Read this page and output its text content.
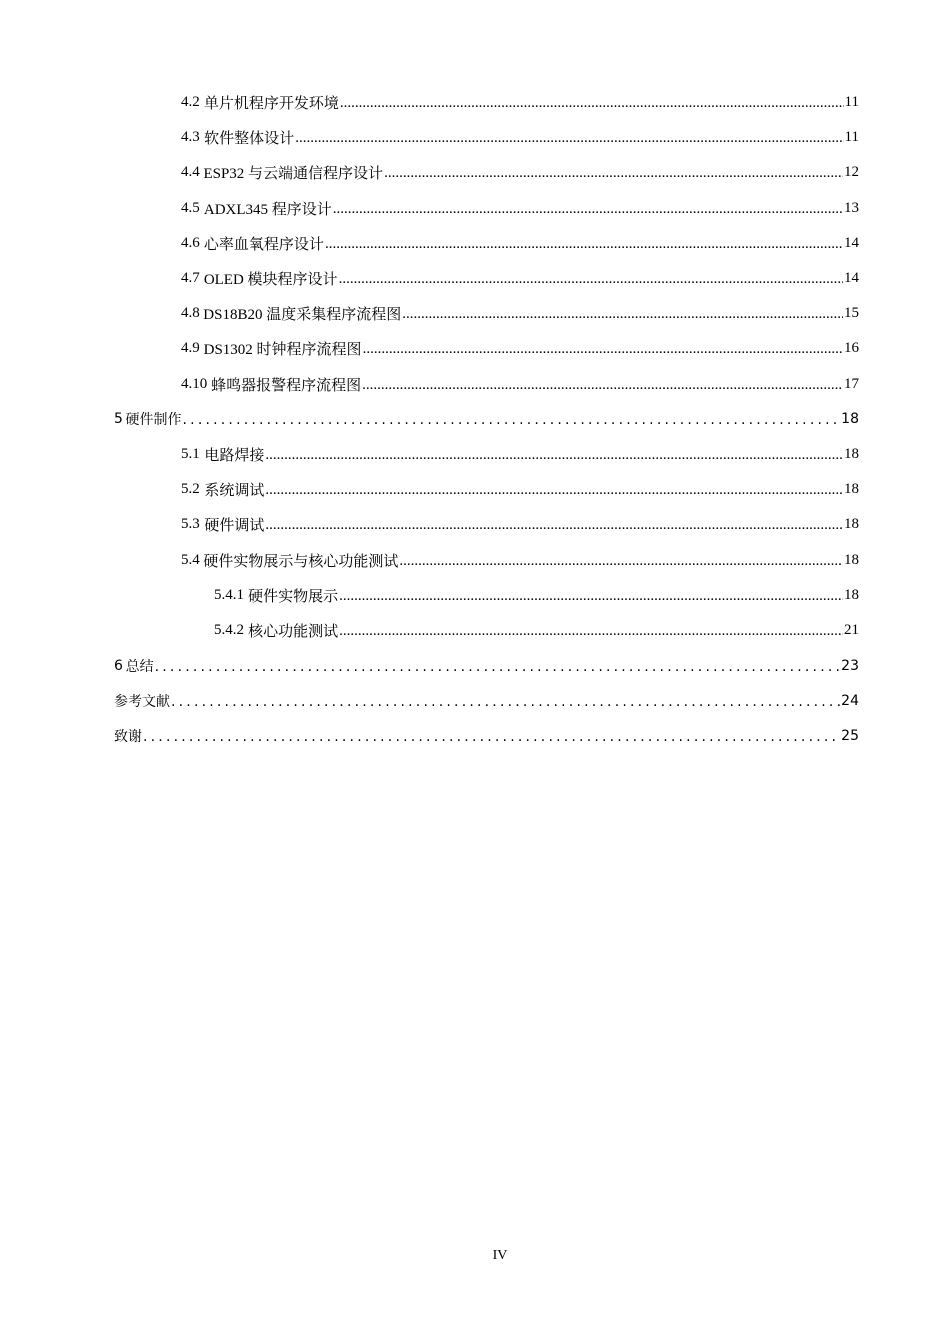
4.2 单片机程序开发环境 .....	11
4.3 软件整体设计 .....	11
4.4 ESP32 与云端通信程序设计 .....	12
4.5 ADXL345 程序设计 .....	13
4.6 心率血氧程序设计 .....	14
4.7 OLED 模块程序设计 .....	14
4.8 DS18B20 温度采集程序流程图 .....	15
4.9 DS1302 时钟程序流程图 .....	16
4.10 蜂鸣器报警程序流程图 .....	17
5 硬件制作 .....	18
5.1 电路焊接 .....	18
5.2 系统调试 .....	18
5.3 硬件调试 .....	18
5.4 硬件实物展示与核心功能测试 .....	18
5.4.1 硬件实物展示 .....	18
5.4.2 核心功能测试 .....	21
6 总结 .....	23
参考文献 .....	24
致谢 .....	25
IV
